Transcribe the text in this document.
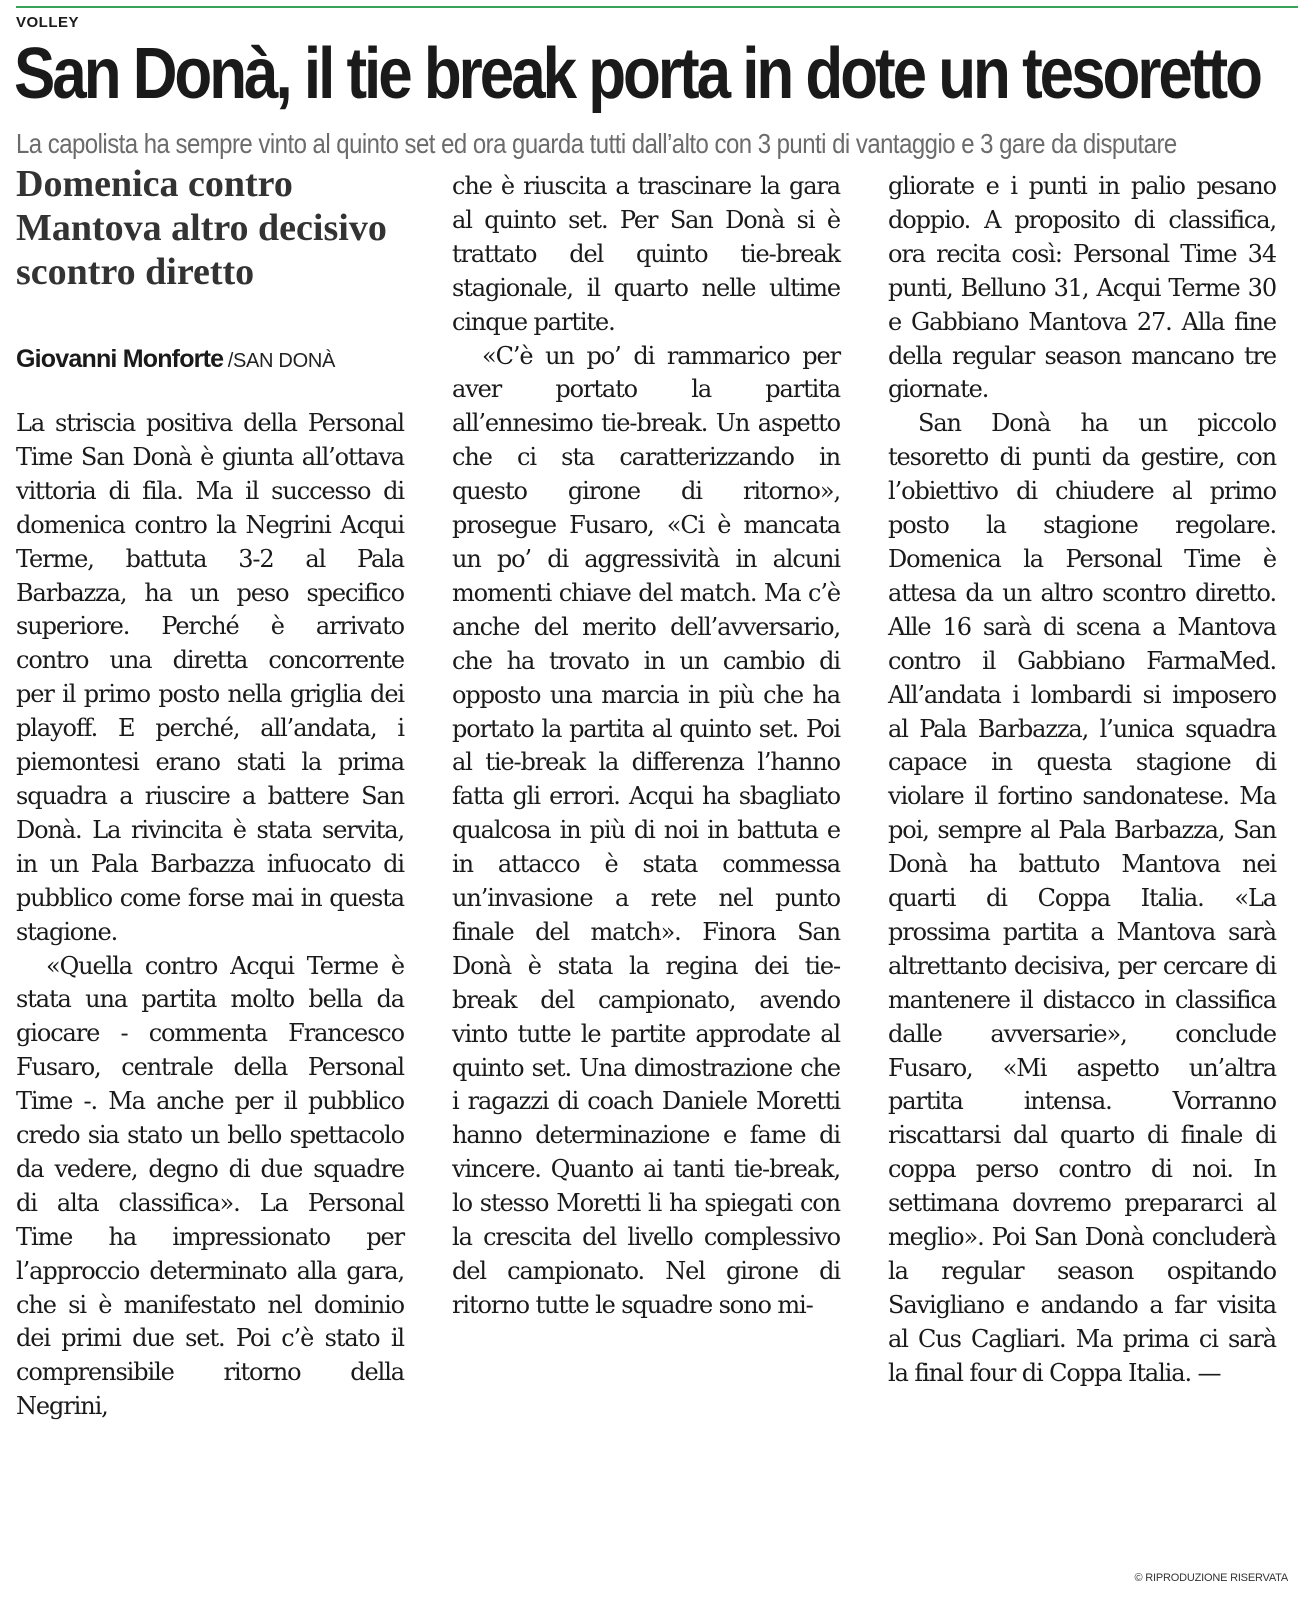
VOLLEY
San Donà, il tie break porta in dote un tesoretto
La capolista ha sempre vinto al quinto set ed ora guarda tutti dall’alto con 3 punti di vantaggio e 3 gare da disputare
Domenica contro Mantova altro decisivo scontro diretto
Giovanni Monforte /SAN DONÀ

La striscia positiva della Personal Time San Donà è giunta all’ottava vittoria di fila. Ma il successo di domenica contro la Negrini Acqui Terme, battuta 3-2 al Pala Barbazza, ha un peso specifico superiore. Perché è arrivato contro una diretta concorrente per il primo posto nella griglia dei playoff. E perché, all’andata, i piemontesi erano stati la prima squadra a riuscire a battere San Donà. La rivincita è stata servita, in un Pala Barbazza infuocato di pubblico come forse mai in questa stagione.

«Quella contro Acqui Terme è stata una partita molto bella da giocare - commenta Francesco Fusaro, centrale della Personal Time -. Ma anche per il pubblico credo sia stato un bello spettacolo da vedere, degno di due squadre di alta classifica». La Personal Time ha impressionato per l’approccio determinato alla gara, che si è manifestato nel dominio dei primi due set. Poi c’è stato il comprensibile ritorno della Negrini,

che è riuscita a trascinare la gara al quinto set. Per San Donà si è trattato del quinto tie-break stagionale, il quarto nelle ultime cinque partite.

«C’è un po’ di rammarico per aver portato la partita all’ennesimo tie-break. Un aspetto che ci sta caratterizzando in questo girone di ritorno», prosegue Fusaro, «Ci è mancata un po’ di aggressività in alcuni momenti chiave del match. Ma c’è anche del merito dell’avversario, che ha trovato in un cambio di opposto una marcia in più che ha portato la partita al quinto set. Poi al tie-break la differenza l’hanno fatta gli errori. Acqui ha sbagliato qualcosa in più di noi in battuta e in attacco è stata commessa un’invasione a rete nel punto finale del match». Finora San Donà è stata la regina dei tie-break del campionato, avendo vinto tutte le partite approdate al quinto set. Una dimostrazione che i ragazzi di coach Daniele Moretti hanno determinazione e fame di vincere. Quanto ai tanti tie-break, lo stesso Moretti li ha spiegati con la crescita del livello complessivo del campionato. Nel girone di ritorno tutte le squadre sono mi-

gliorate e i punti in palio pesano doppio. A proposito di classifica, ora recita così: Personal Time 34 punti, Belluno 31, Acqui Terme 30 e Gabbiano Mantova 27. Alla fine della regular season mancano tre giornate.

San Donà ha un piccolo tesoretto di punti da gestire, con l’obiettivo di chiudere al primo posto la stagione regolare. Domenica la Personal Time è attesa da un altro scontro diretto. Alle 16 sarà di scena a Mantova contro il Gabbiano FarmaMed. All’andata i lombardi si imposero al Pala Barbazza, l’unica squadra capace in questa stagione di violare il fortino sandonatese. Ma poi, sempre al Pala Barbazza, San Donà ha battuto Mantova nei quarti di Coppa Italia. «La prossima partita a Mantova sarà altrettanto decisiva, per cercare di mantenere il distacco in classifica dalle avversarie», conclude Fusaro, «Mi aspetto un’altra partita intensa. Vorranno riscattarsi dal quarto di finale di coppa perso contro di noi. In settimana dovremo prepararci al meglio». Poi San Donà concluderà la regular season ospitando Savigliano e andando a far visita al Cus Cagliari. Ma prima ci sarà la final four di Coppa Italia. —

© RIPRODUZIONE RISERVATA
